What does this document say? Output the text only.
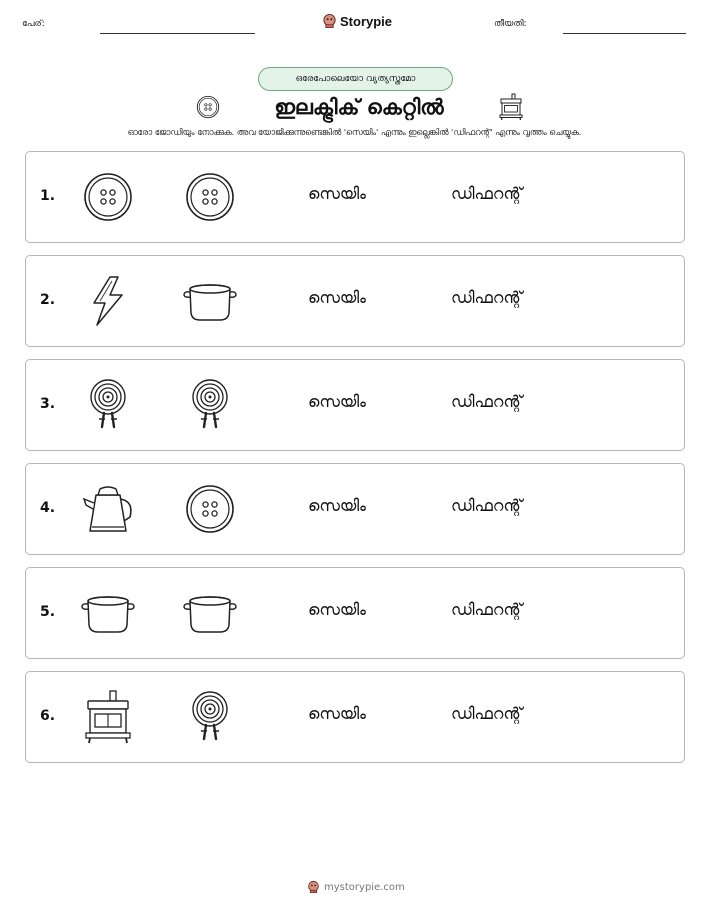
പേര്:	Storypie	തീയതി:
ഒരേപോലെയോ വ്യത്യസ്തമോ
ഇലക്ട്രിക് കെറ്റിൽ
ഓരോ ജോഡിയും നോക്കുക. അവ യോജിക്കുന്നുണ്ടെങ്കിൽ 'സെയിം' എന്നും ഇല്ലെങ്കിൽ 'ഡിഫറന്റ്' എന്നും വൃത്തം ചെയ്യുക.
1.	സെയിം	ഡിഫറന്റ്
2.	സെയിം	ഡിഫറന്റ്
3.	സെയിം	ഡിഫറന്റ്
4.	സെയിം	ഡിഫറന്റ്
5.	സെയിം	ഡിഫറന്റ്
6.	സെയിം	ഡിഫറന്റ്
mystorypie.com
